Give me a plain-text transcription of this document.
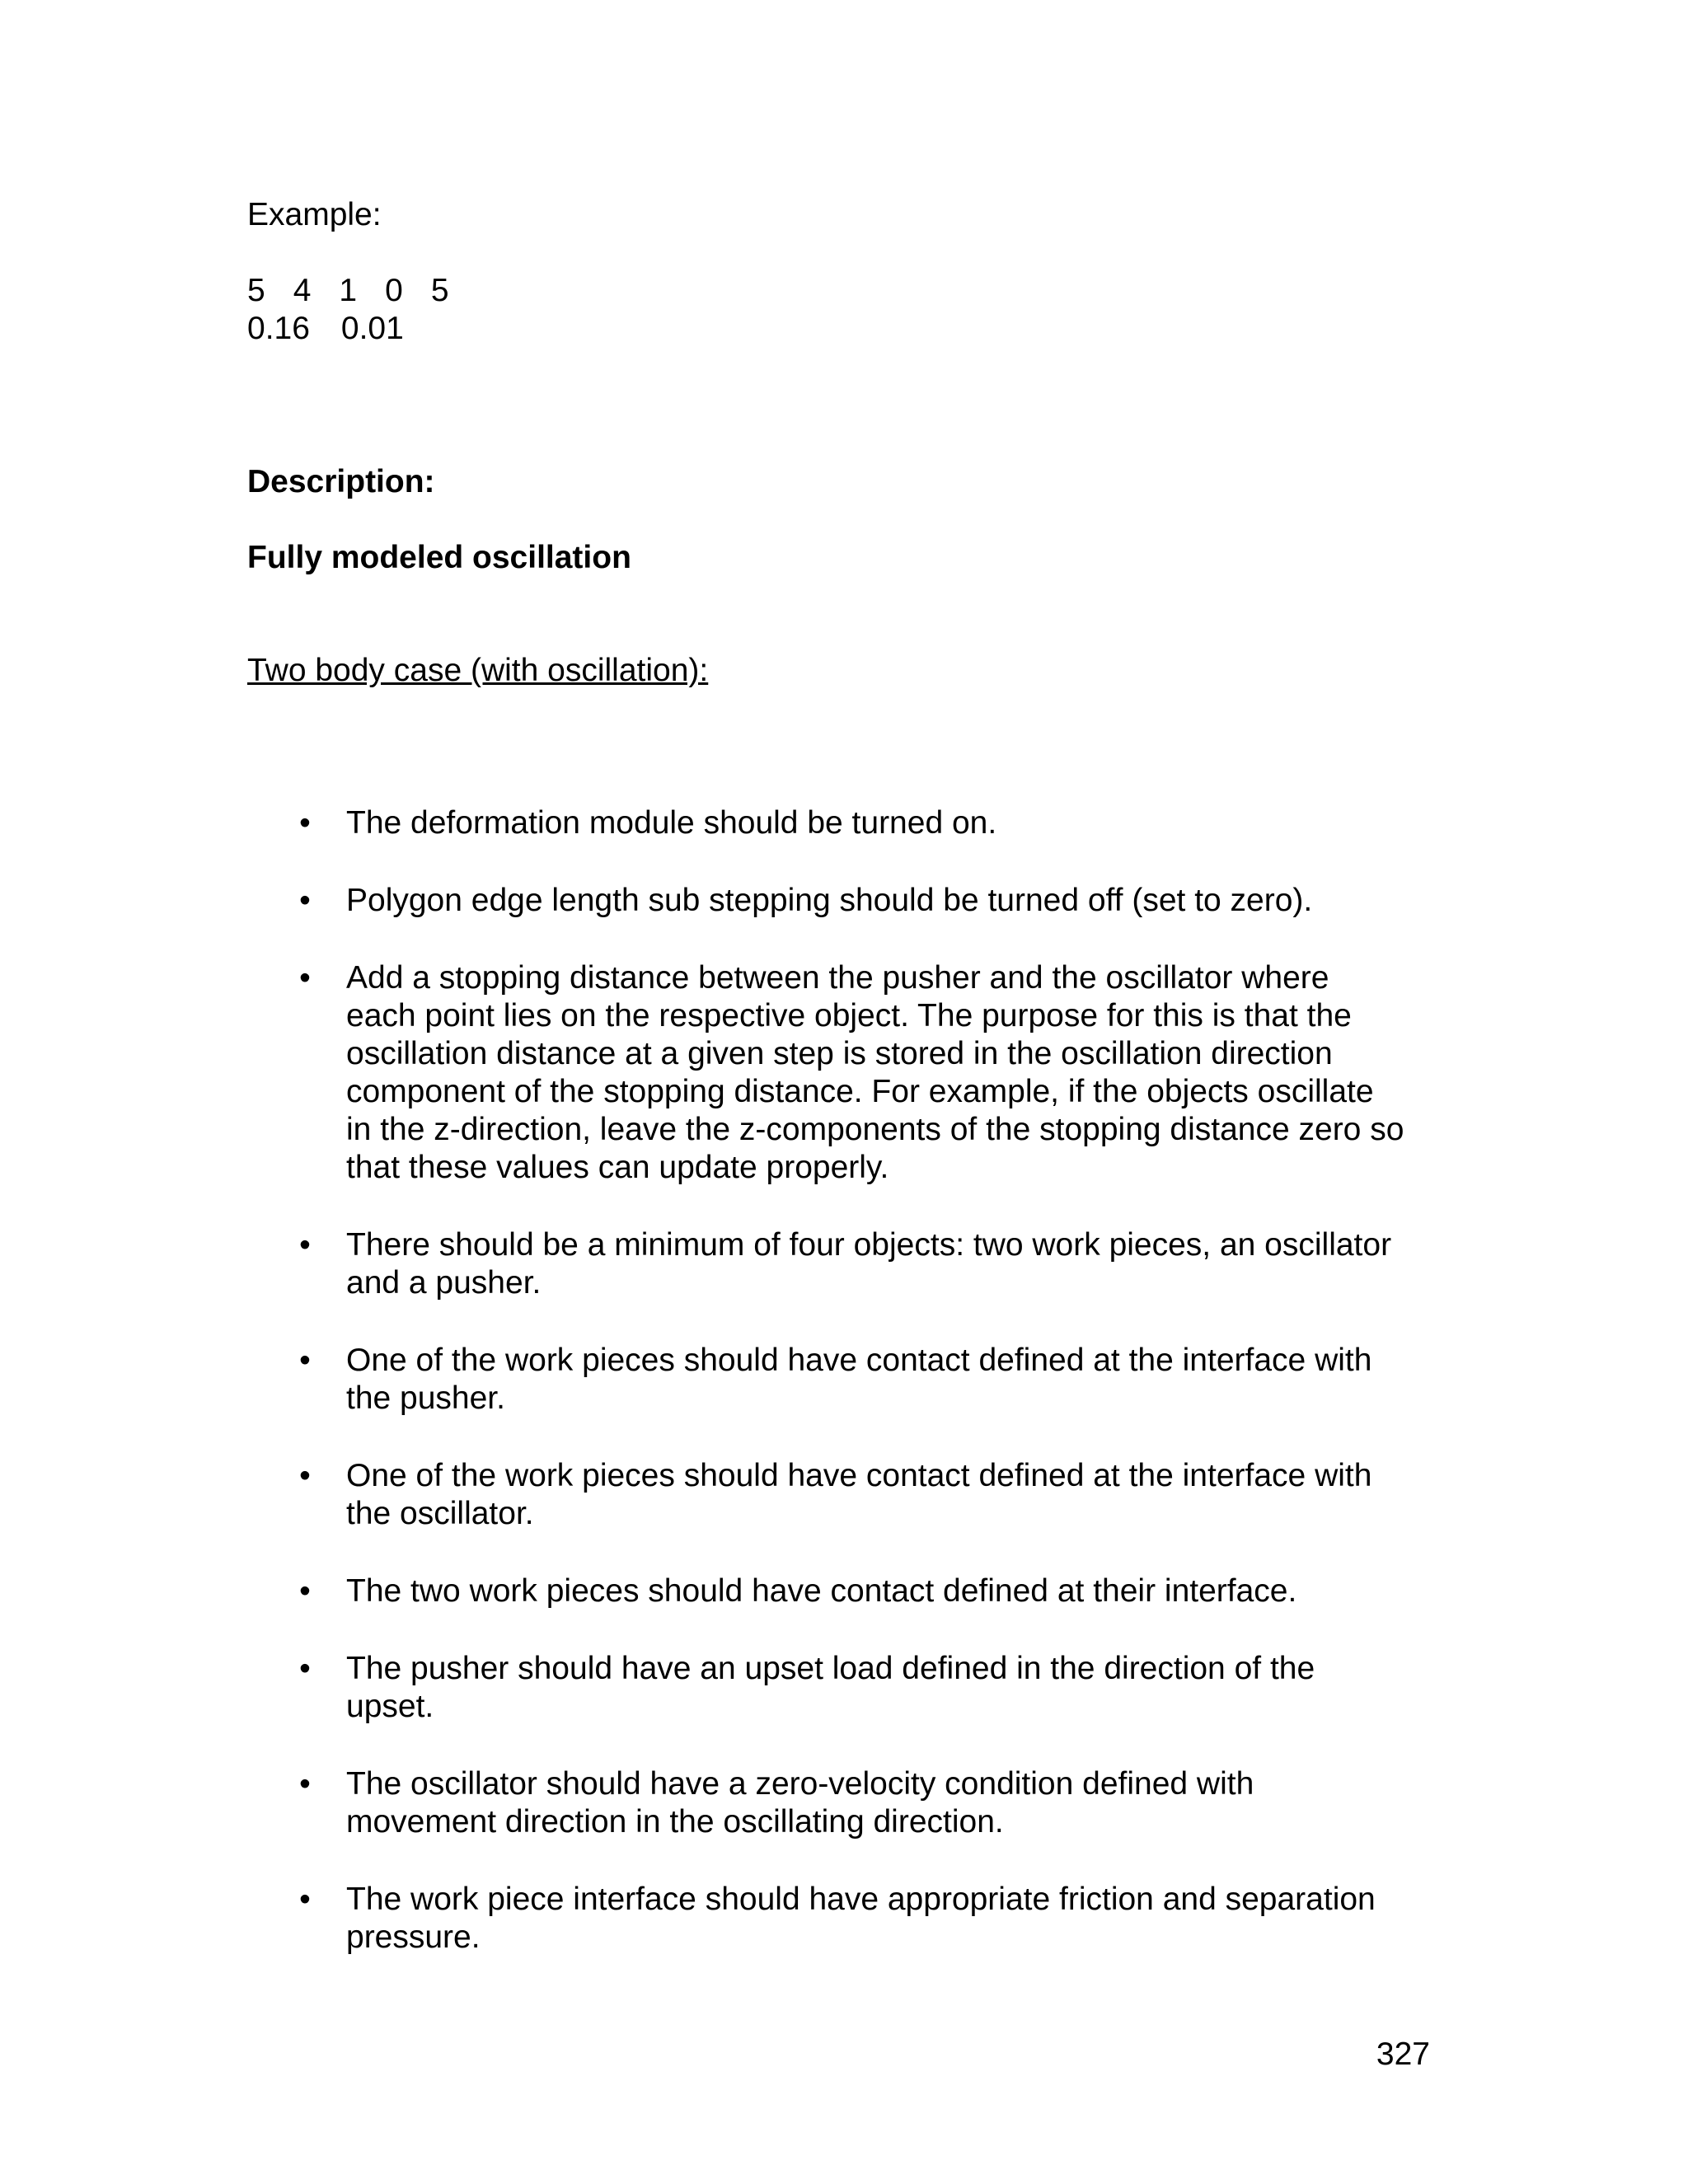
Example:

5 4 1 0 5

0.16 0.01

Description:

Fully modeled oscillation

Two body case (with oscillation):

• The deformation module should be turned on.
• Polygon edge length sub stepping should be turned off (set to zero).
• Add a stopping distance between the pusher and the oscillator where
each point lies on the respective object. The purpose for this is that the
oscillation distance at a given step is stored in the oscillation direction
component of the stopping distance. For example, if the objects oscillate
in the z-direction, leave the z-components of the stopping distance zero so
that these values can update properly.
• There should be a minimum of four objects: two work pieces, an oscillator
and a pusher.
• One of the work pieces should have contact defined at the interface with
the pusher.
• One of the work pieces should have contact defined at the interface with
the oscillator.
• The two work pieces should have contact defined at their interface.
• The pusher should have an upset load defined in the direction of the
upset.
• The oscillator should have a zero-velocity condition defined with
movement direction in the oscillating direction.
• The work piece interface should have appropriate friction and separation
pressure.

327
